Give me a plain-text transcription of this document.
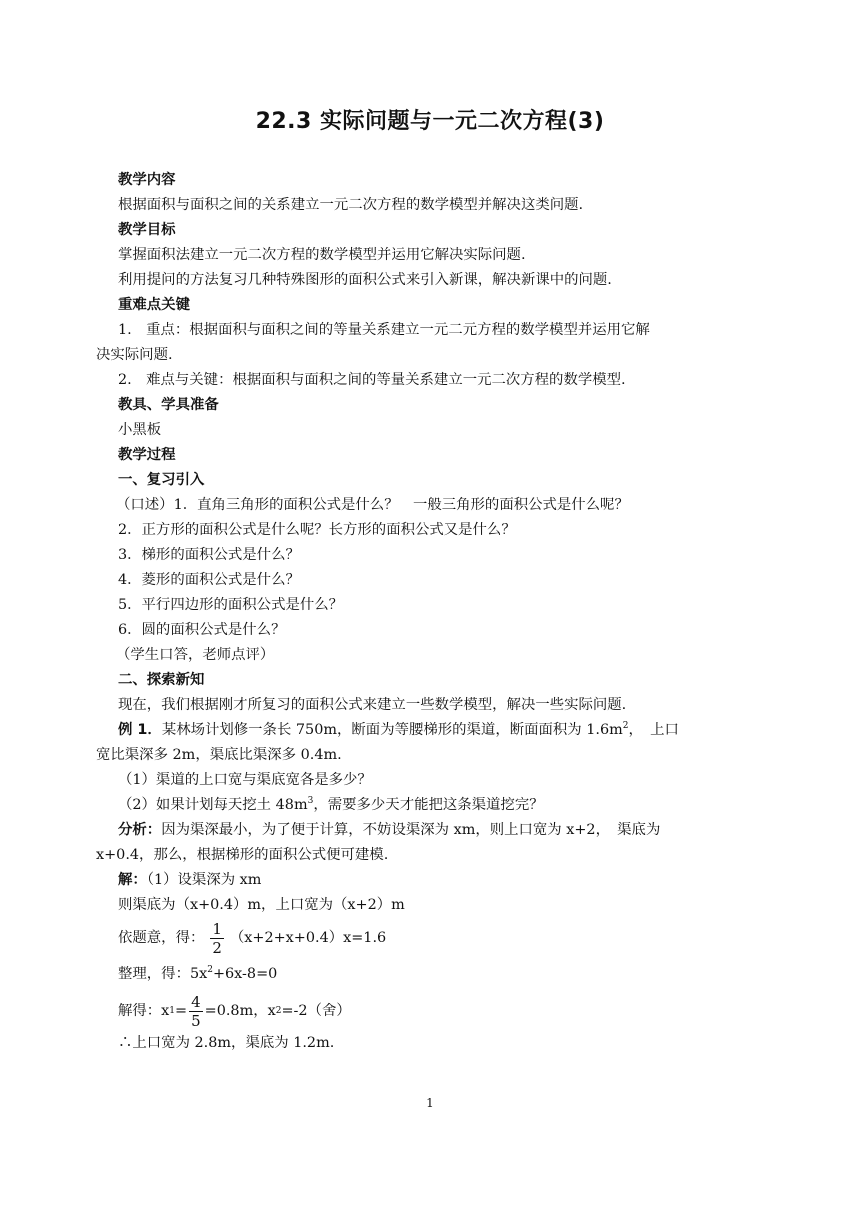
22.3 实际问题与一元二次方程(3)

教学内容

根据面积与面积之间的关系建立一元二次方程的数学模型并解决这类问题.

教学目标

掌握面积法建立一元二次方程的数学模型并运用它解决实际问题.

利用提问的方法复习几种特殊图形的面积公式来引入新课，解决新课中的问题.

重难点关键

1.　重点：根据面积与面积之间的等量关系建立一元二元方程的数学模型并运用它解

决实际问题.

2.　难点与关键：根据面积与面积之间的等量关系建立一元二次方程的数学模型.

教具、学具准备

小黑板

教学过程

一、复习引入

（口述）1．直角三角形的面积公式是什么？　一般三角形的面积公式是什么呢？

2．正方形的面积公式是什么呢？长方形的面积公式又是什么？

3．梯形的面积公式是什么？

4．菱形的面积公式是什么？

5．平行四边形的面积公式是什么？

6．圆的面积公式是什么？

（学生口答，老师点评）

二、探索新知

现在，我们根据刚才所复习的面积公式来建立一些数学模型，解决一些实际问题.

例 1．某林场计划修一条长 750m，断面为等腰梯形的渠道，断面面积为 $1.6m^2$，　上口

宽比渠深多 2m，渠底比渠深多 0.4m.

（1）渠道的上口宽与渠底宽各是多少？

（2）如果计划每天挖土 $48m^3$，需要多少天才能把这条渠道挖完？

分析：因为渠深最小，为了便于计算，不妨设渠深为 xm，则上口宽为 x+2，　渠底为

x+0.4，那么，根据梯形的面积公式便可建模.

解：（1）设渠深为 xm

则渠底为（x+0.4）m，上口宽为（x+2）m

依题意，得： $\frac{1}{2} (x+2+x+0.4)x=1.6$

整理，得：$5x^2+6x-8=0$

解得：x $1 = \frac{4}{5} =0.8m$，x 2 =-2（舍）

∴上口宽为 2.8m，渠底为 1.2m.

1
